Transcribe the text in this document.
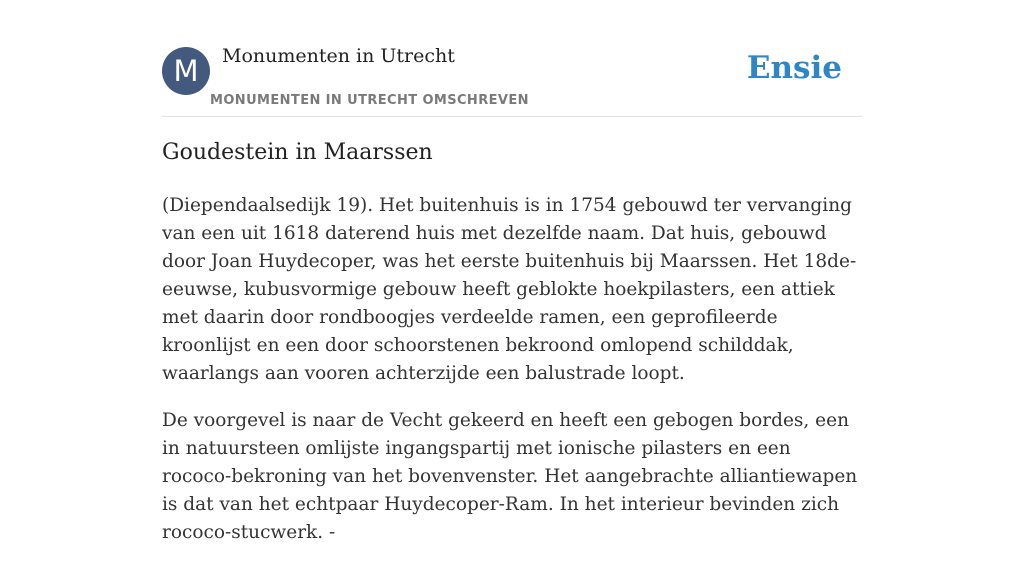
M	Monumenten in Utrecht
MONUMENTEN IN UTRECHT OMSCHREVEN
Ensie
Goudestein in Maarssen

(Diependaalsedijk 19). Het buitenhuis is in 1754 gebouwd ter vervanging van een uit 1618 daterend huis met dezelfde naam. Dat huis, gebouwd door Joan Huydecoper, was het eerste buitenhuis bij Maarssen. Het 18de-eeuwse, kubusvormige gebouw heeft geblokte hoekpilasters, een attiek met daarin door rondboogjes verdeelde ramen, een geprofileerde kroonlijst en een door schoorstenen bekroond omlopend schilddak, waarlangs aan vooren achterzijde een balustrade loopt.

De voorgevel is naar de Vecht gekeerd en heeft een gebogen bordes, een in natuursteen omlijste ingangspartij met ionische pilasters en een rococo-bekroning van het bovenvenster. Het aangebrachte alliantiewapen is dat van het echtpaar Huydecoper-Ram. In het interieur bevinden zich rococo-stucwerk. -
